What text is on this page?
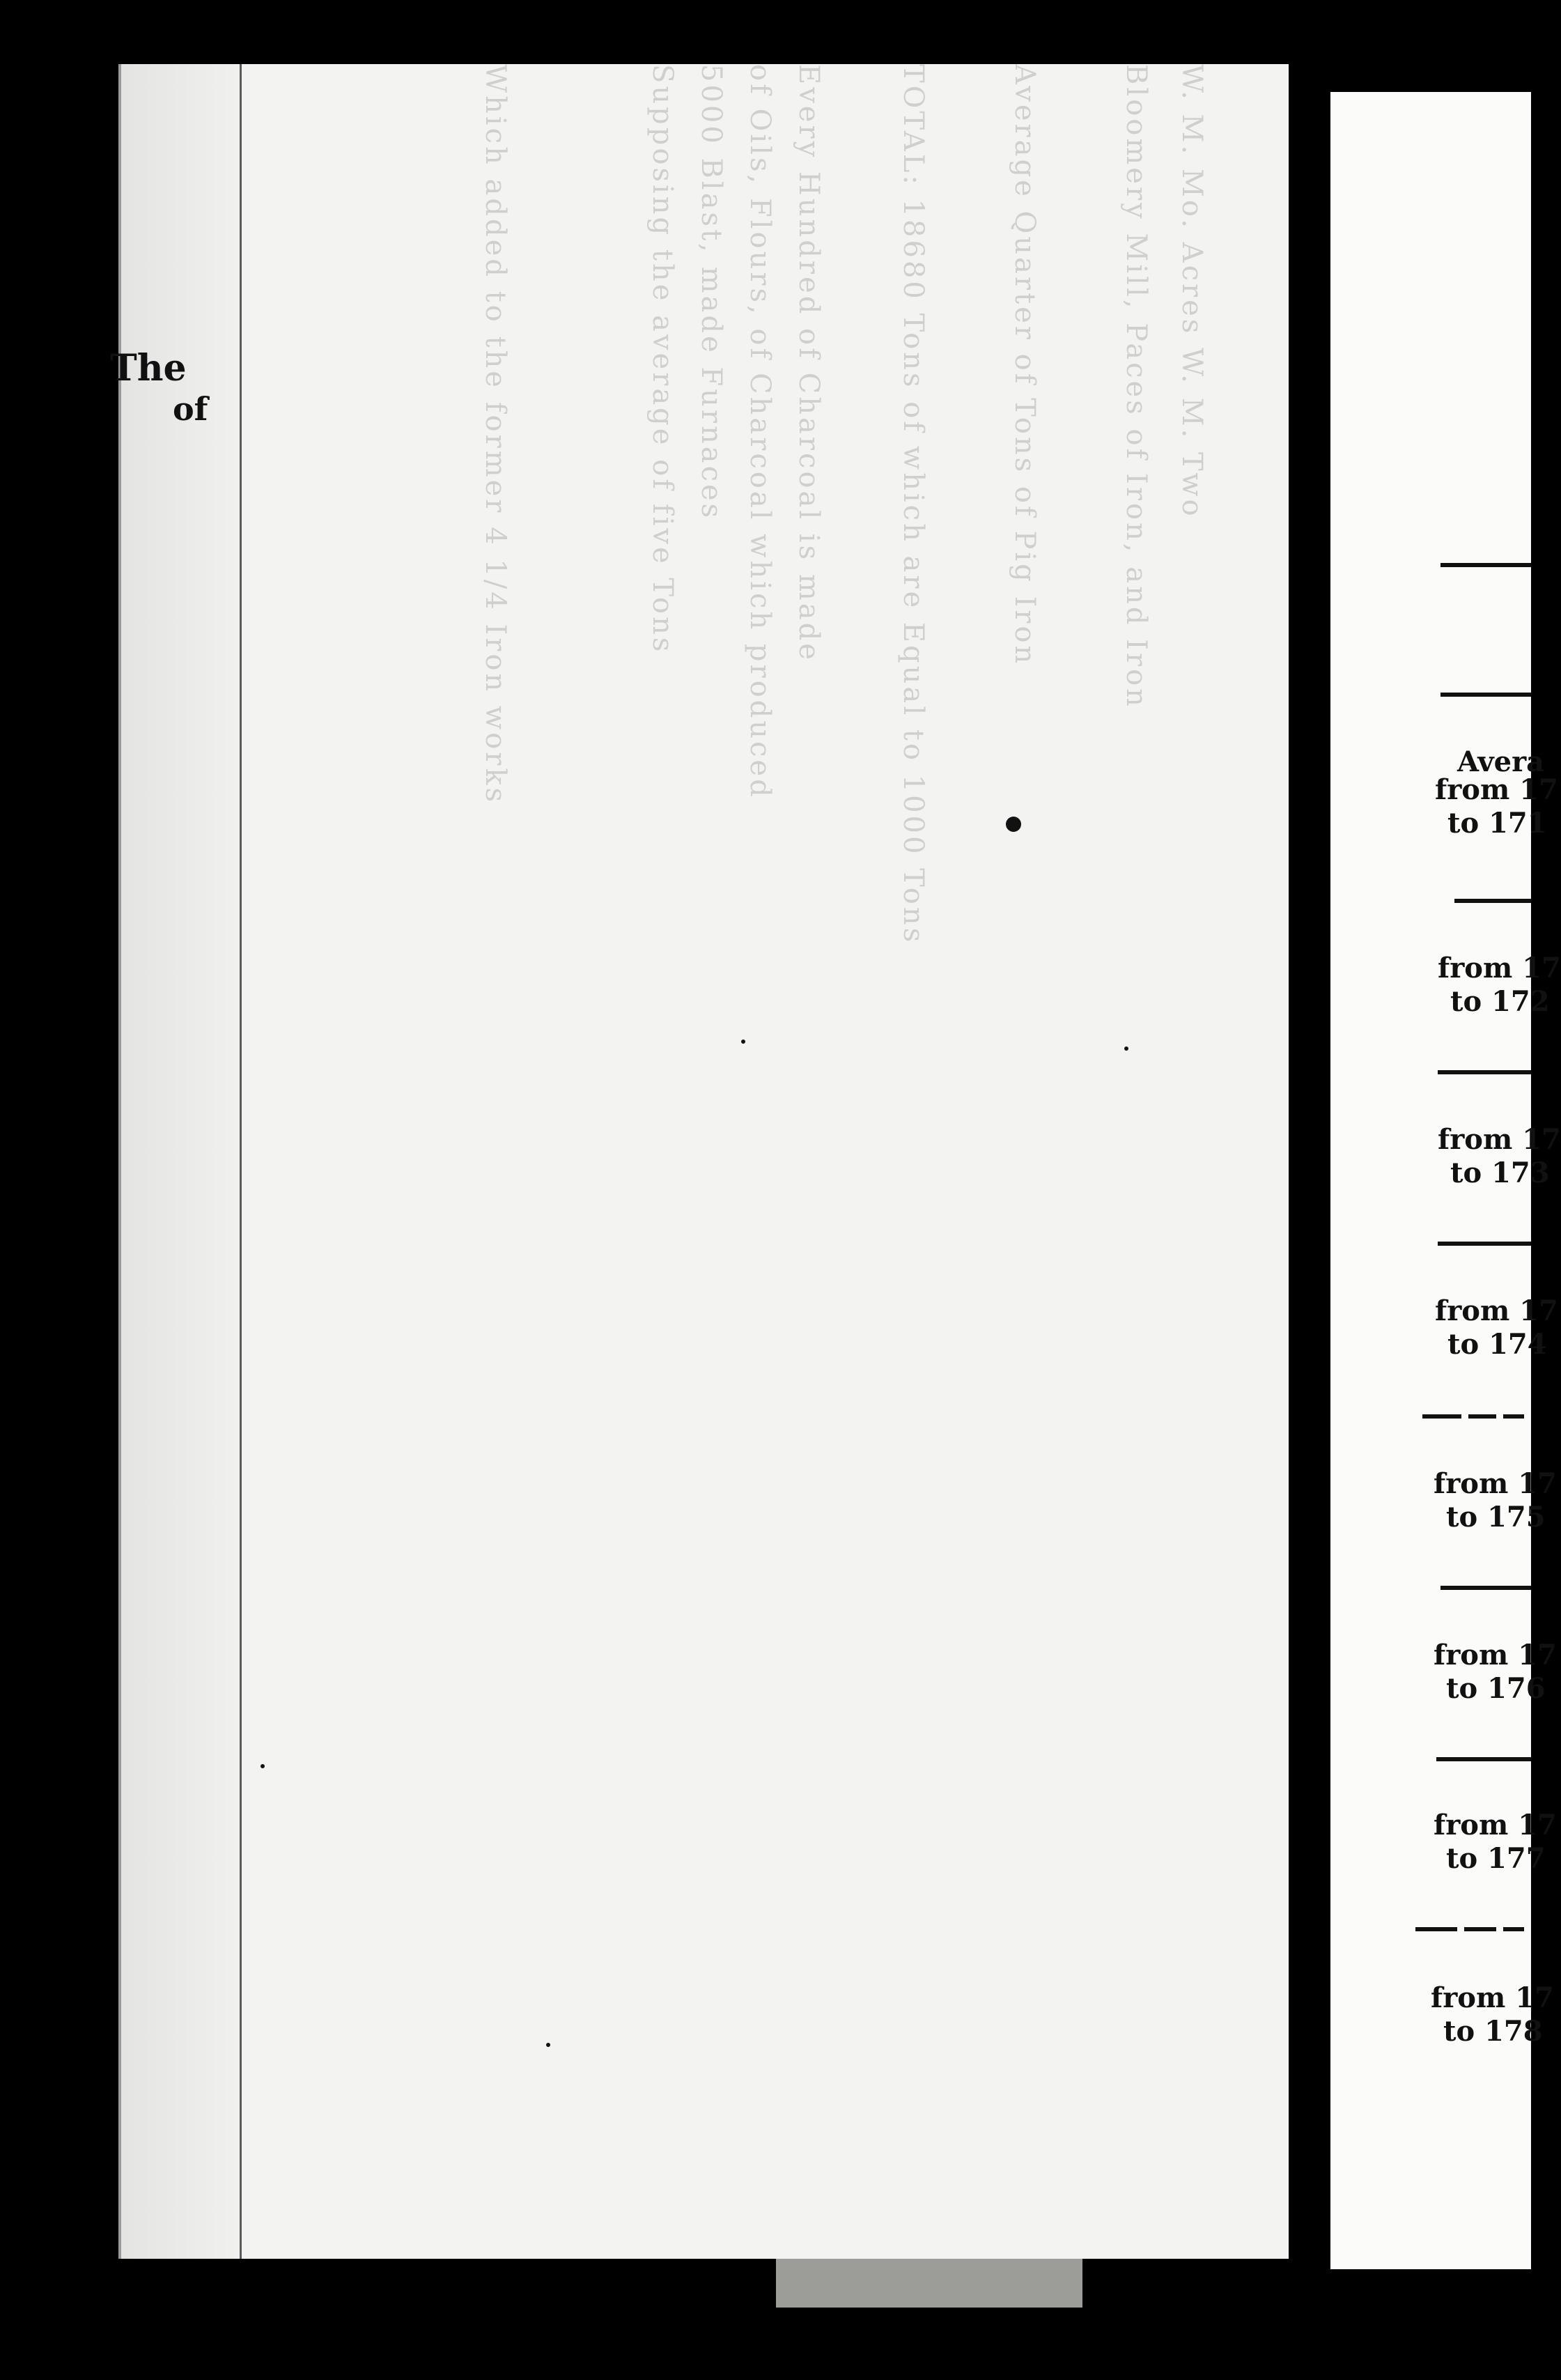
W. M. Mo. Acres W. M. Two
Bloomery Mill, Paces of Iron, and Iron
Average Quarter of Tons of Pig Iron
Every Hundred of Charcoal is made
of Oils, Flours, of Charcoal which produced
5000 Blast, made Furnaces
Supposing the average of five Tons
Which added to the former 4 1/4 Iron works	TOTAL: 18680 Tons of which are Equal to 1000 Tons
The
of
Avera
from 17
to 171
from 17
to 172
from 17
to 173
from 17
to 174
from 17
to 175
from 17
to 176
from 17
to 177
from 17
to 178
